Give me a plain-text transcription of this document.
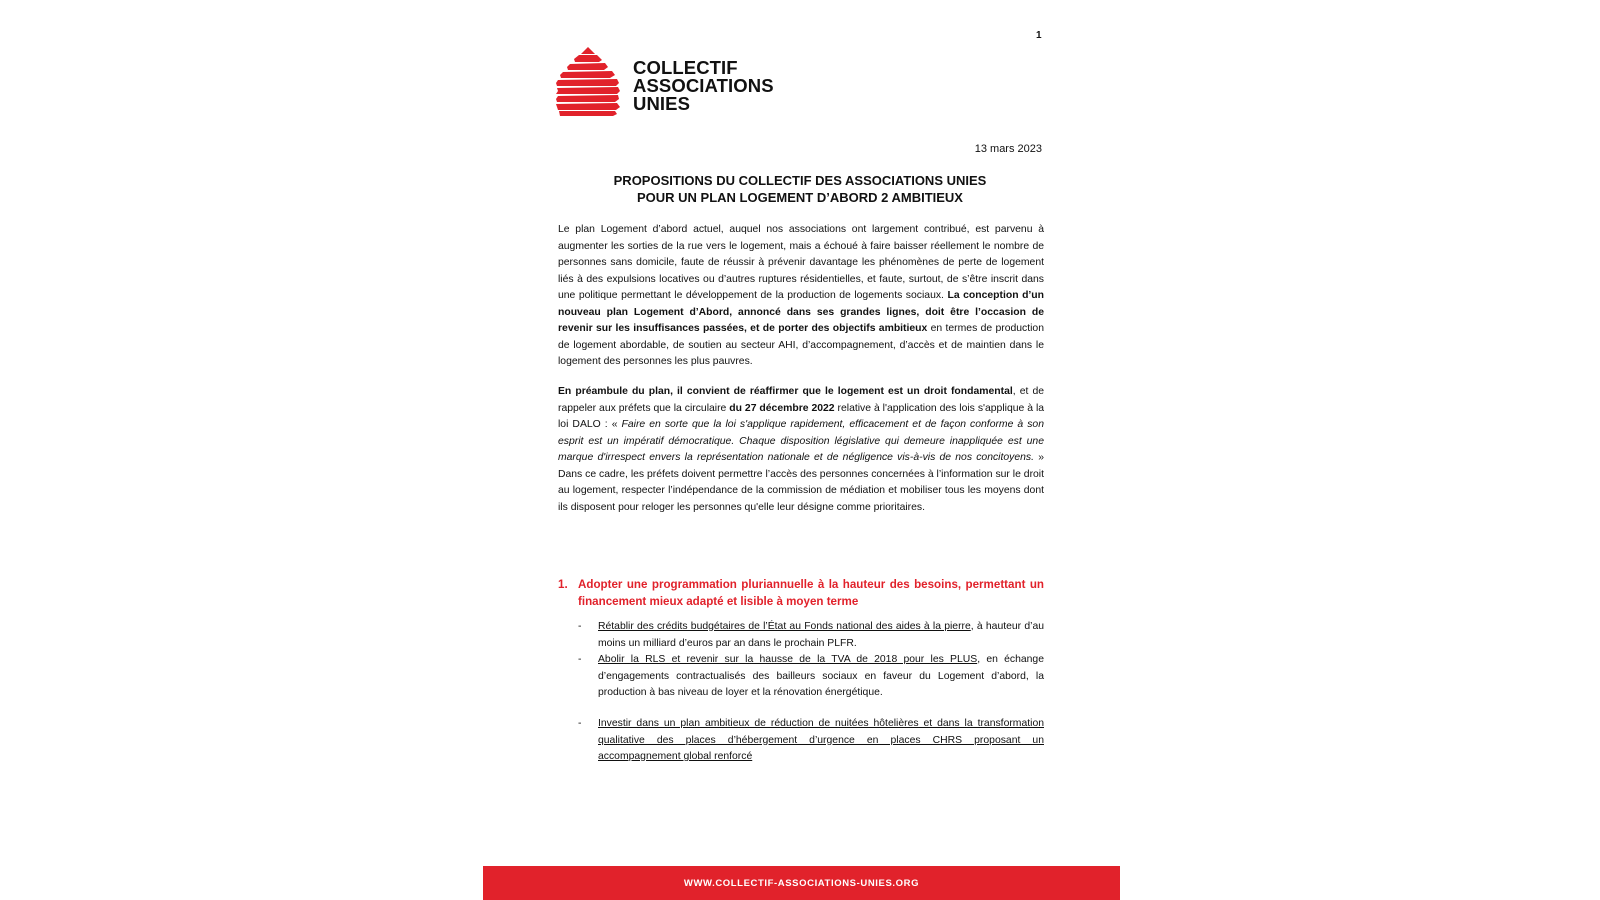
1
COLLECTIF
ASSOCIATIONS
UNIES
13 mars 2023
PROPOSITIONS DU COLLECTIF DES ASSOCIATIONS UNIES
POUR UN PLAN LOGEMENT D’ABORD 2 AMBITIEUX
Le plan Logement d’abord actuel, auquel nos associations ont largement contribué, est parvenu à augmenter les sorties de la rue vers le logement, mais a échoué à faire baisser réellement le nombre de personnes sans domicile, faute de réussir à prévenir davantage les phénomènes de perte de logement liés à des expulsions locatives ou d’autres ruptures résidentielles, et faute, surtout, de s’être inscrit dans une politique permettant le développement de la production de logements sociaux. La conception d’un nouveau plan Logement d’Abord, annoncé dans ses grandes lignes, doit être l’occasion de revenir sur les insuffisances passées, et de porter des objectifs ambitieux en termes de production de logement abordable, de soutien au secteur AHI, d’accompagnement, d’accès et de maintien dans le logement des personnes les plus pauvres.
En préambule du plan, il convient de réaffirmer que le logement est un droit fondamental, et de rappeler aux préfets que la circulaire du 27 décembre 2022 relative à l'application des lois s'applique à la loi DALO : « Faire en sorte que la loi s'applique rapidement, efficacement et de façon conforme à son esprit est un impératif démocratique. Chaque disposition législative qui demeure inappliquée est une marque d'irrespect envers la représentation nationale et de négligence vis-à-vis de nos concitoyens. » Dans ce cadre, les préfets doivent permettre l’accès des personnes concernées à l’information sur le droit au logement, respecter l’indépendance de la commission de médiation et mobiliser tous les moyens dont ils disposent pour reloger les personnes qu'elle leur désigne comme prioritaires.
1. Adopter une programmation pluriannuelle à la hauteur des besoins, permettant un financement mieux adapté et lisible à moyen terme
- Rétablir des crédits budgétaires de l’État au Fonds national des aides à la pierre, à hauteur d’au moins un milliard d’euros par an dans le prochain PLFR.
- Abolir la RLS et revenir sur la hausse de la TVA de 2018 pour les PLUS, en échange d’engagements contractualisés des bailleurs sociaux en faveur du Logement d’abord, la production à bas niveau de loyer et la rénovation énergétique.
- Investir dans un plan ambitieux de réduction de nuitées hôtelières et dans la transformation qualitative des places d’hébergement d’urgence en places CHRS proposant un accompagnement global renforcé
WWW.COLLECTIF-ASSOCIATIONS-UNIES.ORG
